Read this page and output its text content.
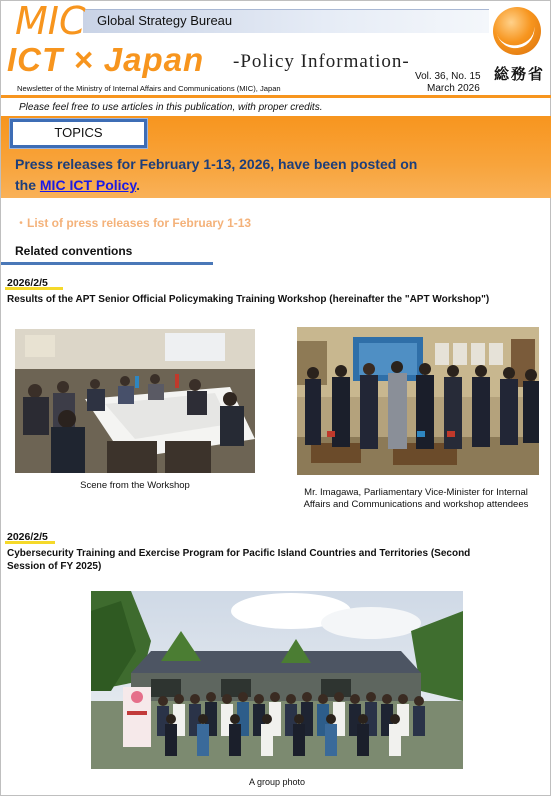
MIC Global Strategy Bureau
ICT × Japan -Policy Information-
総務省
Vol. 36, No. 15
March 2026
Newsletter of the Ministry of Internal Affairs and Communications (MIC), Japan
Please feel free to use articles in this publication, with proper credits.
TOPICS
Press releases for February 1-13, 2026, have been posted on
the MIC ICT Policy.
・List of press releases for February 1-13
Related conventions
2026/2/5
Results of the APT Senior Official Policymaking Training Workshop (hereinafter the "APT Workshop")
Scene from the Workshop
Mr. Imagawa, Parliamentary Vice-Minister for Internal
Affairs and Communications and workshop attendees
2026/2/5
Cybersecurity Training and Exercise Program for Pacific Island Countries and Territories (Second
Session of FY 2025)
A group photo
